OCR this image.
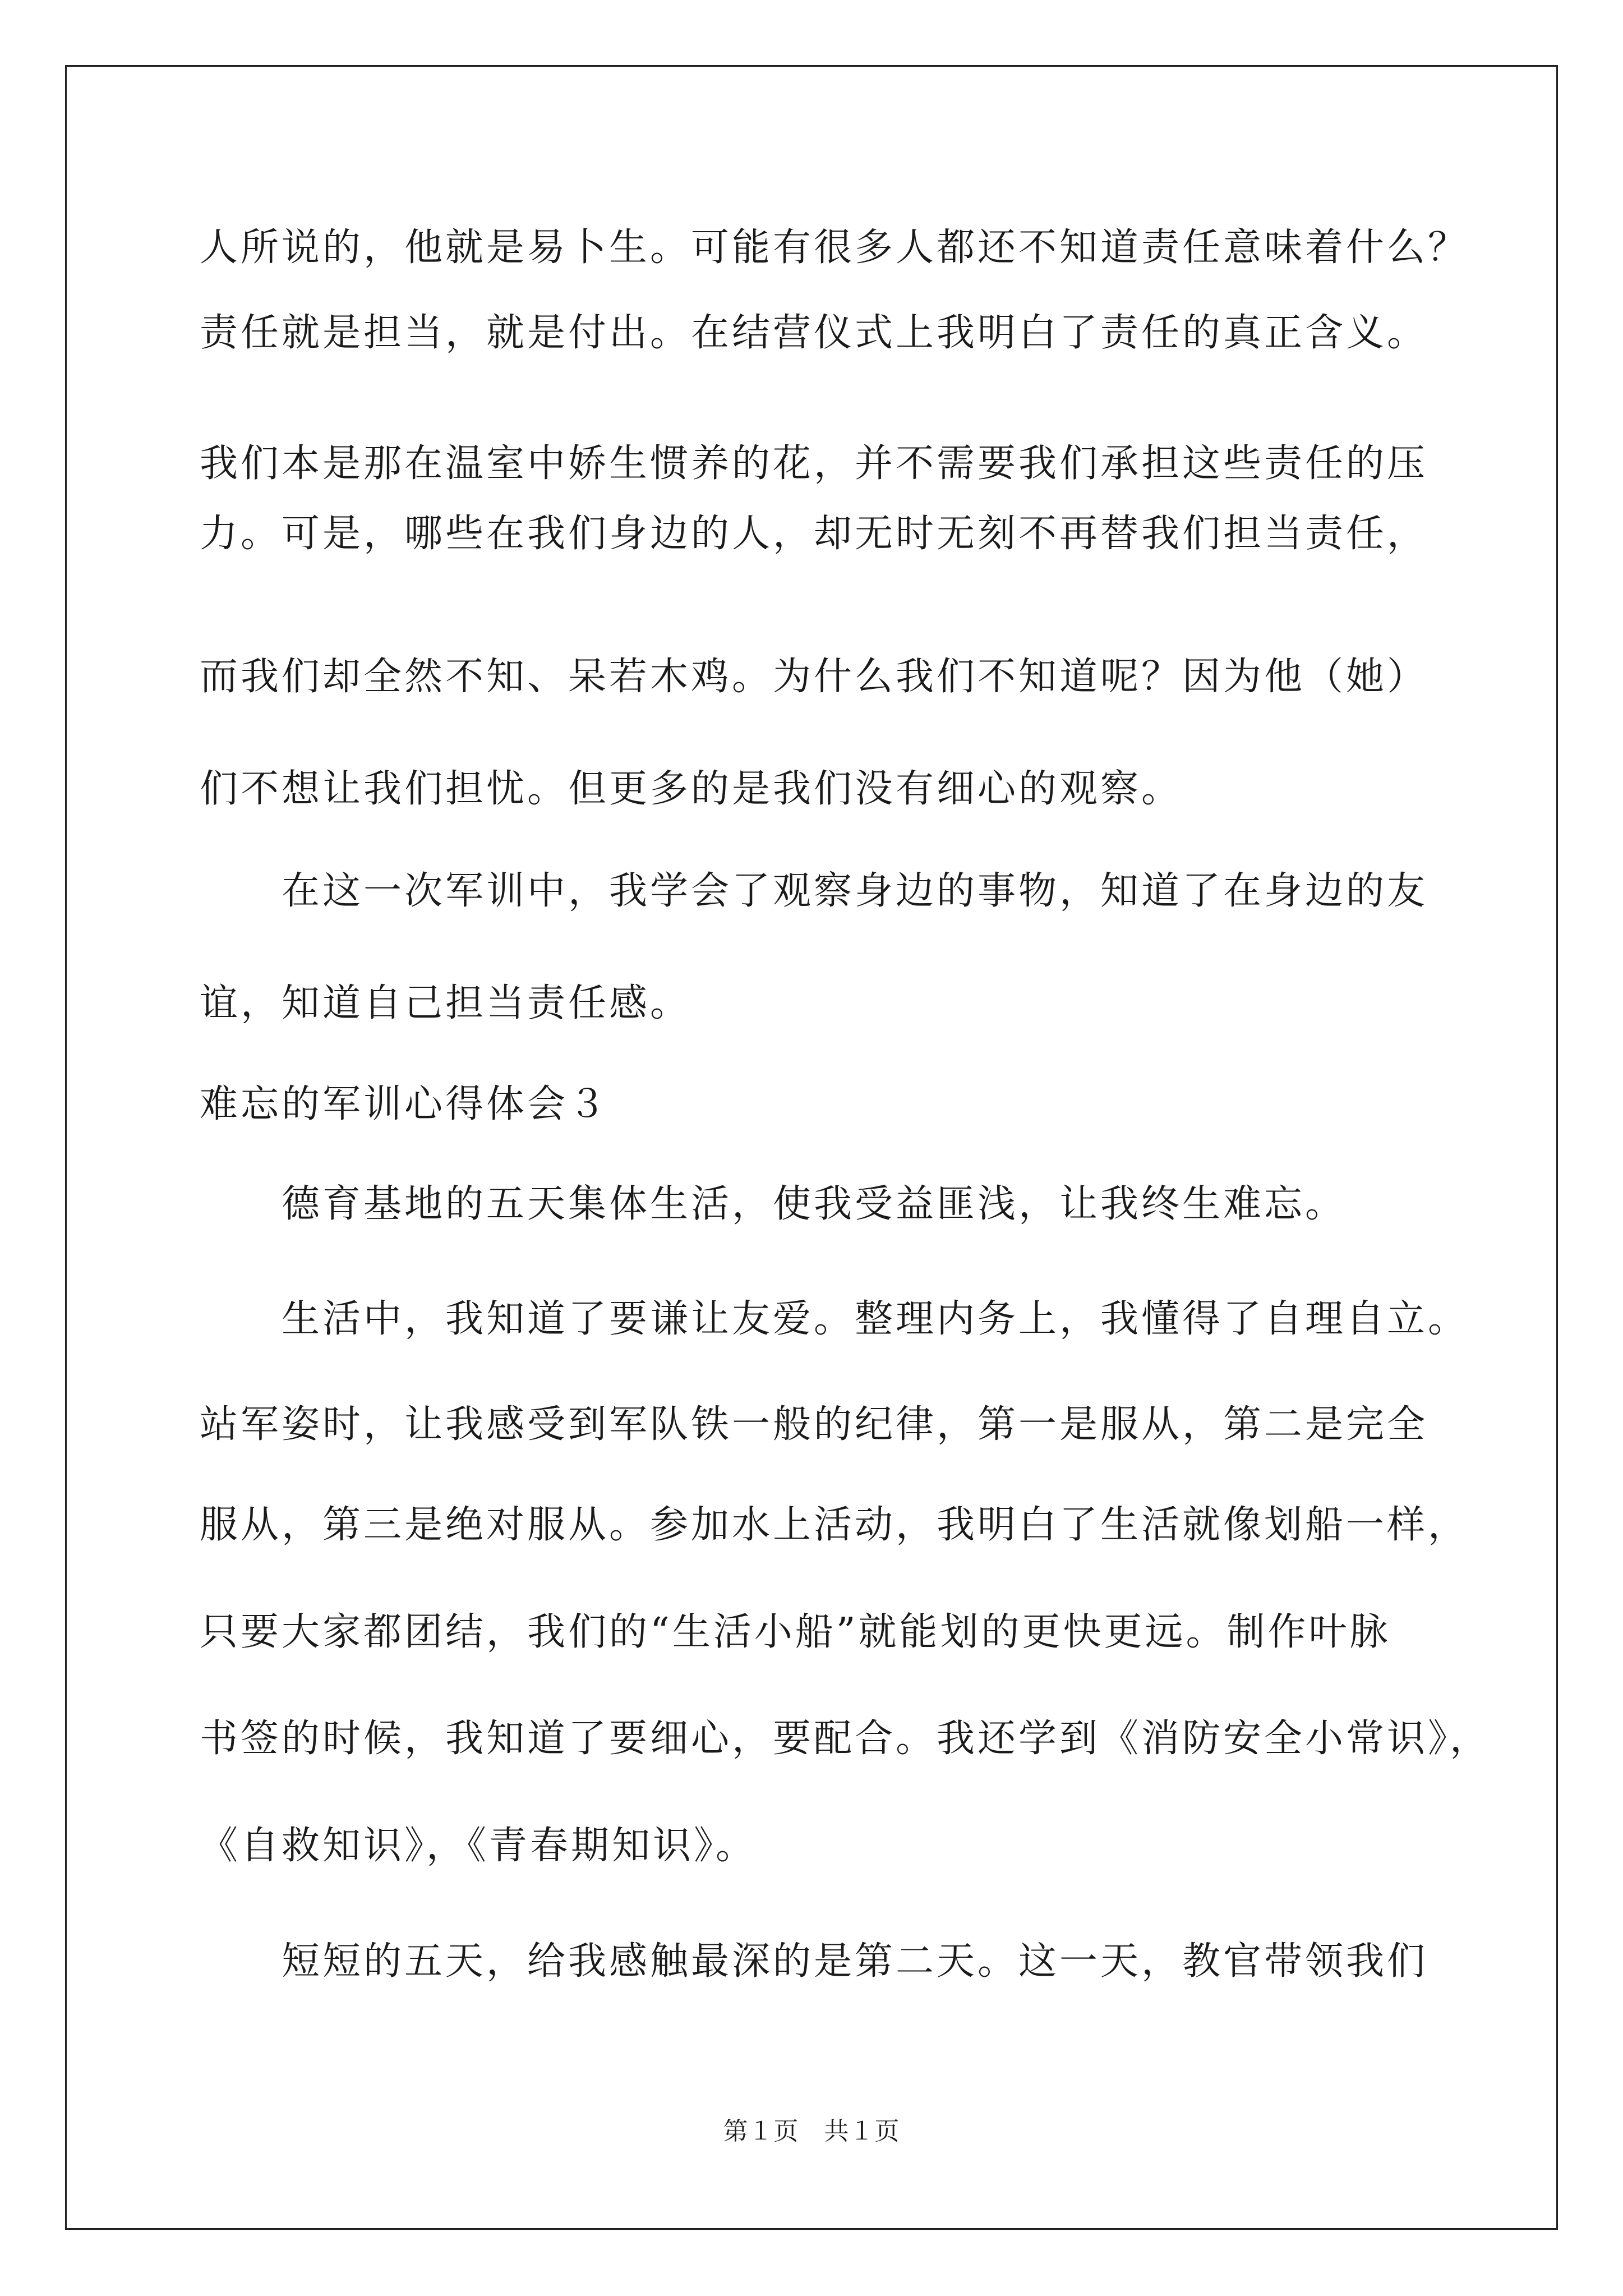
人所说的，他就是易卜生。可能有很多人都还不知道责任意味着什么？
责任就是担当，就是付出。在结营仪式上我明白了责任的真正含义。
我们本是那在温室中娇生惯养的花，并不需要我们承担这些责任的压
力。可是，哪些在我们身边的人，却无时无刻不再替我们担当责任，
而我们却全然不知、呆若木鸡。为什么我们不知道呢？因为他（她）
们不想让我们担忧。但更多的是我们没有细心的观察。
　　在这一次军训中，我学会了观察身边的事物，知道了在身边的友
谊，知道自己担当责任感。
难忘的军训心得体会３
　　德育基地的五天集体生活，使我受益匪浅，让我终生难忘。
　　生活中，我知道了要谦让友爱。整理内务上，我懂得了自理自立。
站军姿时，让我感受到军队铁一般的纪律，第一是服从，第二是完全
服从，第三是绝对服从。参加水上活动，我明白了生活就像划船一样，
只要大家都团结，我们的“生活小船”就能划的更快更远。制作叶脉
书签的时候，我知道了要细心，要配合。我还学到《消防安全小常识》，
《自救知识》，《青春期知识》。
　　短短的五天，给我感触最深的是第二天。这一天，教官带领我们
第１页　共１页
